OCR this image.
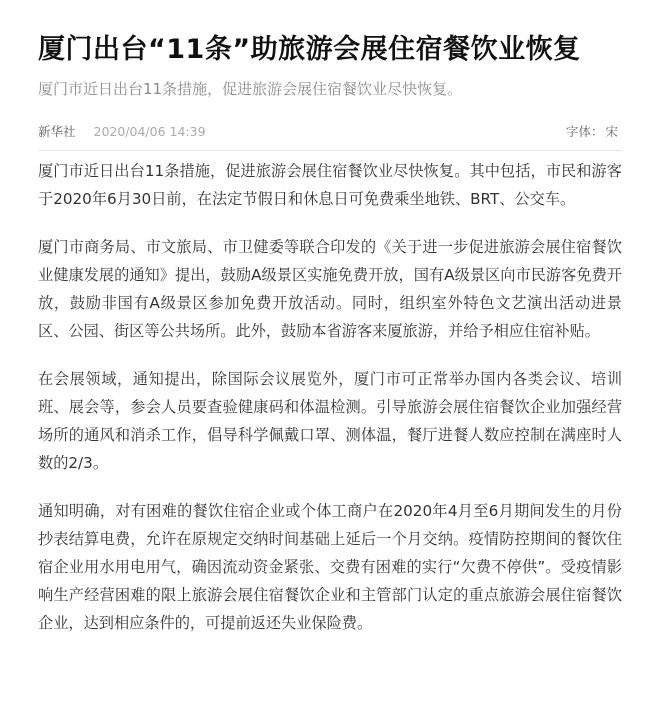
厦门出台“11条”助旅游会展住宿餐饮业恢复
厦门市近日出台11条措施，促进旅游会展住宿餐饮业尽快恢复。
新华社 2020/04/06 14:39	字体： 宋

厦门市近日出台11条措施，促进旅游会展住宿餐饮业尽快恢复。其中包括，市民和游客于2020年6月30日前，在法定节假日和休息日可免费乘坐地铁、BRT、公交车。

厦门市商务局、市文旅局、市卫健委等联合印发的《关于进一步促进旅游会展住宿餐饮业健康发展的通知》提出，鼓励A级景区实施免费开放，国有A级景区向市民游客免费开放，鼓励非国有A级景区参加免费开放活动。同时，组织室外特色文艺演出活动进景区、公园、街区等公共场所。此外，鼓励本省游客来厦旅游，并给予相应住宿补贴。

在会展领域，通知提出，除国际会议展览外，厦门市可正常举办国内各类会议、培训班、展会等，参会人员要查验健康码和体温检测。引导旅游会展住宿餐饮企业加强经营场所的通风和消杀工作，倡导科学佩戴口罩、测体温，餐厅进餐人数应控制在满座时人数的2/3。

通知明确，对有困难的餐饮住宿企业或个体工商户在2020年4月至6月期间发生的月份抄表结算电费，允许在原规定交纳时间基础上延后一个月交纳。疫情防控期间的餐饮住宿企业用水用电用气，确因流动资金紧张、交费有困难的实行“欠费不停供”。受疫情影响生产经营困难的限上旅游会展住宿餐饮企业和主管部门认定的重点旅游会展住宿餐饮企业，达到相应条件的，可提前返还失业保险费。
